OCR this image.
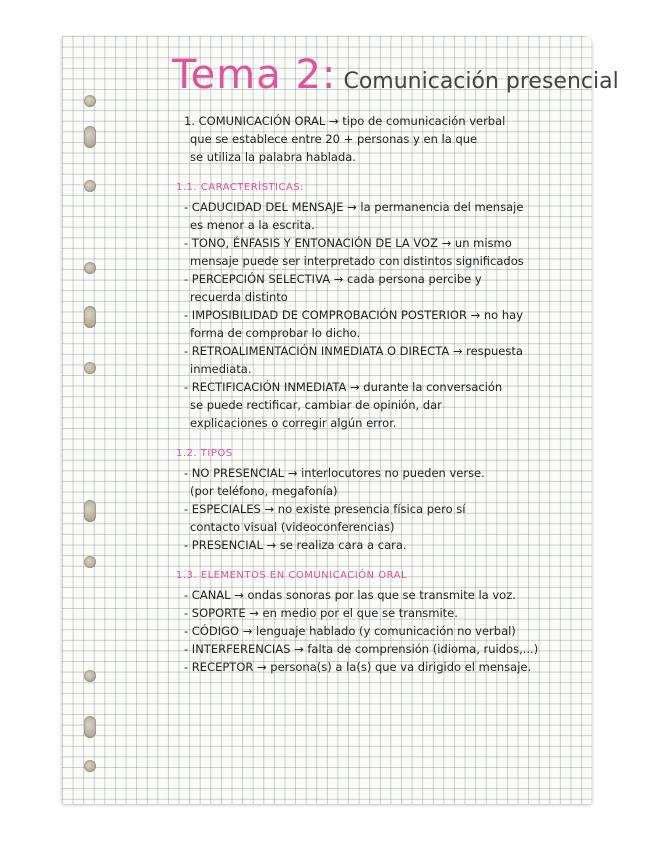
Tema 2: Comunicación presencial
1. COMUNICACIÓN ORAL → tipo de comunicación verbal
que se establece entre 20 + personas y en la que
se utiliza la palabra hablada.
1.1. CARACTERÍSTICAS:
- CADUCIDAD DEL MENSAJE → la permanencia del mensaje
es menor a la escrita.
- TONO, ÉNFASIS Y ENTONACIÓN DE LA VOZ → un mismo
mensaje puede ser interpretado con distintos significados
- PERCEPCIÓN SELECTIVA → cada persona percibe y
recuerda distinto
- IMPOSIBILIDAD DE COMPROBACIÓN POSTERIOR → no hay
forma de comprobar lo dicho.
- RETROALIMENTACIÓN INMEDIATA O DIRECTA → respuesta
inmediata.
- RECTIFICACIÓN INMEDIATA → durante la conversación
se puede rectificar, cambiar de opinión, dar
explicaciones o corregir algún error.
1.2. TIPOS
- NO PRESENCIAL → interlocutores no pueden verse.
(por teléfono, megafonía)
- ESPECIALES → no existe presencia física pero sí
contacto visual (videoconferencias)
- PRESENCIAL → se realiza cara a cara.
1.3. ELEMENTOS EN COMUNICACIÓN ORAL
- CANAL → ondas sonoras por las que se transmite la voz.
- SOPORTE → en medio por el que se transmite.
- CÓDIGO → lenguaje hablado (y comunicación no verbal)
- INTERFERENCIAS → falta de comprensión (idioma, ruidos,...)
- RECEPTOR → persona(s) a la(s) que va dirigido el mensaje.
